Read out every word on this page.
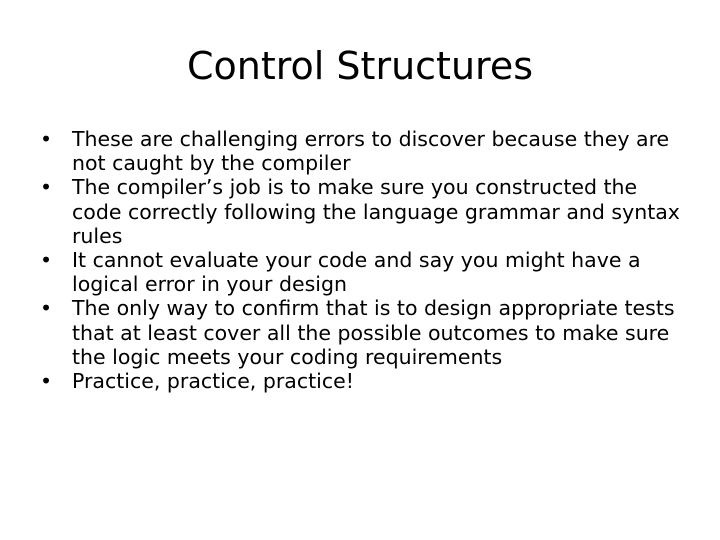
Control Structures
• These are challenging errors to discover because they are not caught by the compiler
• The compiler’s job is to make sure you constructed the code correctly following the language grammar and syntax rules
• It cannot evaluate your code and say you might have a logical error in your design
• The only way to confirm that is to design appropriate tests that at least cover all the possible outcomes to make sure the logic meets your coding requirements
• Practice, practice, practice!
